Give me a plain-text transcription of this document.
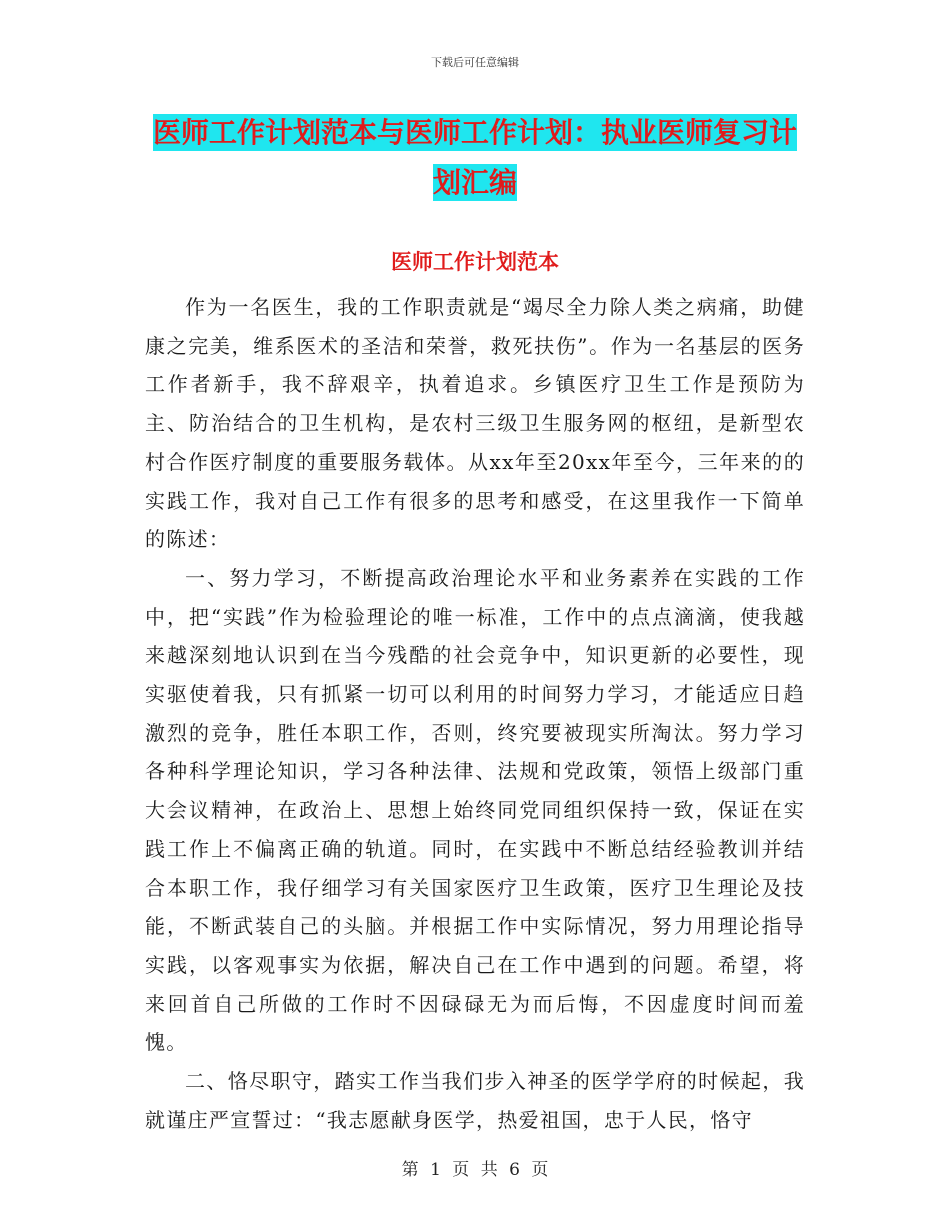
下载后可任意编辑
医师工作计划范本与医师工作计划：执业医师复习计划汇编
医师工作计划范本

作为一名医生，我的工作职责就是“竭尽全力除人类之病痛，助健康之完美，维系医术的圣洁和荣誉，救死扶伤”。作为一名基层的医务工作者新手，我不辞艰辛，执着追求。乡镇医疗卫生工作是预防为主、防治结合的卫生机构，是农村三级卫生服务网的枢纽，是新型农村合作医疗制度的重要服务载体。从xx年至20xx年至今，三年来的的实践工作，我对自己工作有很多的思考和感受，在这里我作一下简单的陈述：

一、努力学习，不断提高政治理论水平和业务素养在实践的工作中，把“实践”作为检验理论的唯一标准，工作中的点点滴滴，使我越来越深刻地认识到在当今残酷的社会竞争中，知识更新的必要性，现实驱使着我，只有抓紧一切可以利用的时间努力学习，才能适应日趋激烈的竞争，胜任本职工作，否则，终究要被现实所淘汰。努力学习各种科学理论知识，学习各种法律、法规和党政策，领悟上级部门重大会议精神，在政治上、思想上始终同党同组织保持一致，保证在实践工作上不偏离正确的轨道。同时，在实践中不断总结经验教训并结合本职工作，我仔细学习有关国家医疗卫生政策，医疗卫生理论及技能，不断武装自己的头脑。并根据工作中实际情况，努力用理论指导实践，以客观事实为依据，解决自己在工作中遇到的问题。希望，将来回首自己所做的工作时不因碌碌无为而后悔，不因虚度时间而羞愧。

二、恪尽职守，踏实工作当我们步入神圣的医学学府的时候起，我就谨庄严宣誓过：“我志愿献身医学，热爱祖国，忠于人民，恪守

第 1 页 共 6 页
